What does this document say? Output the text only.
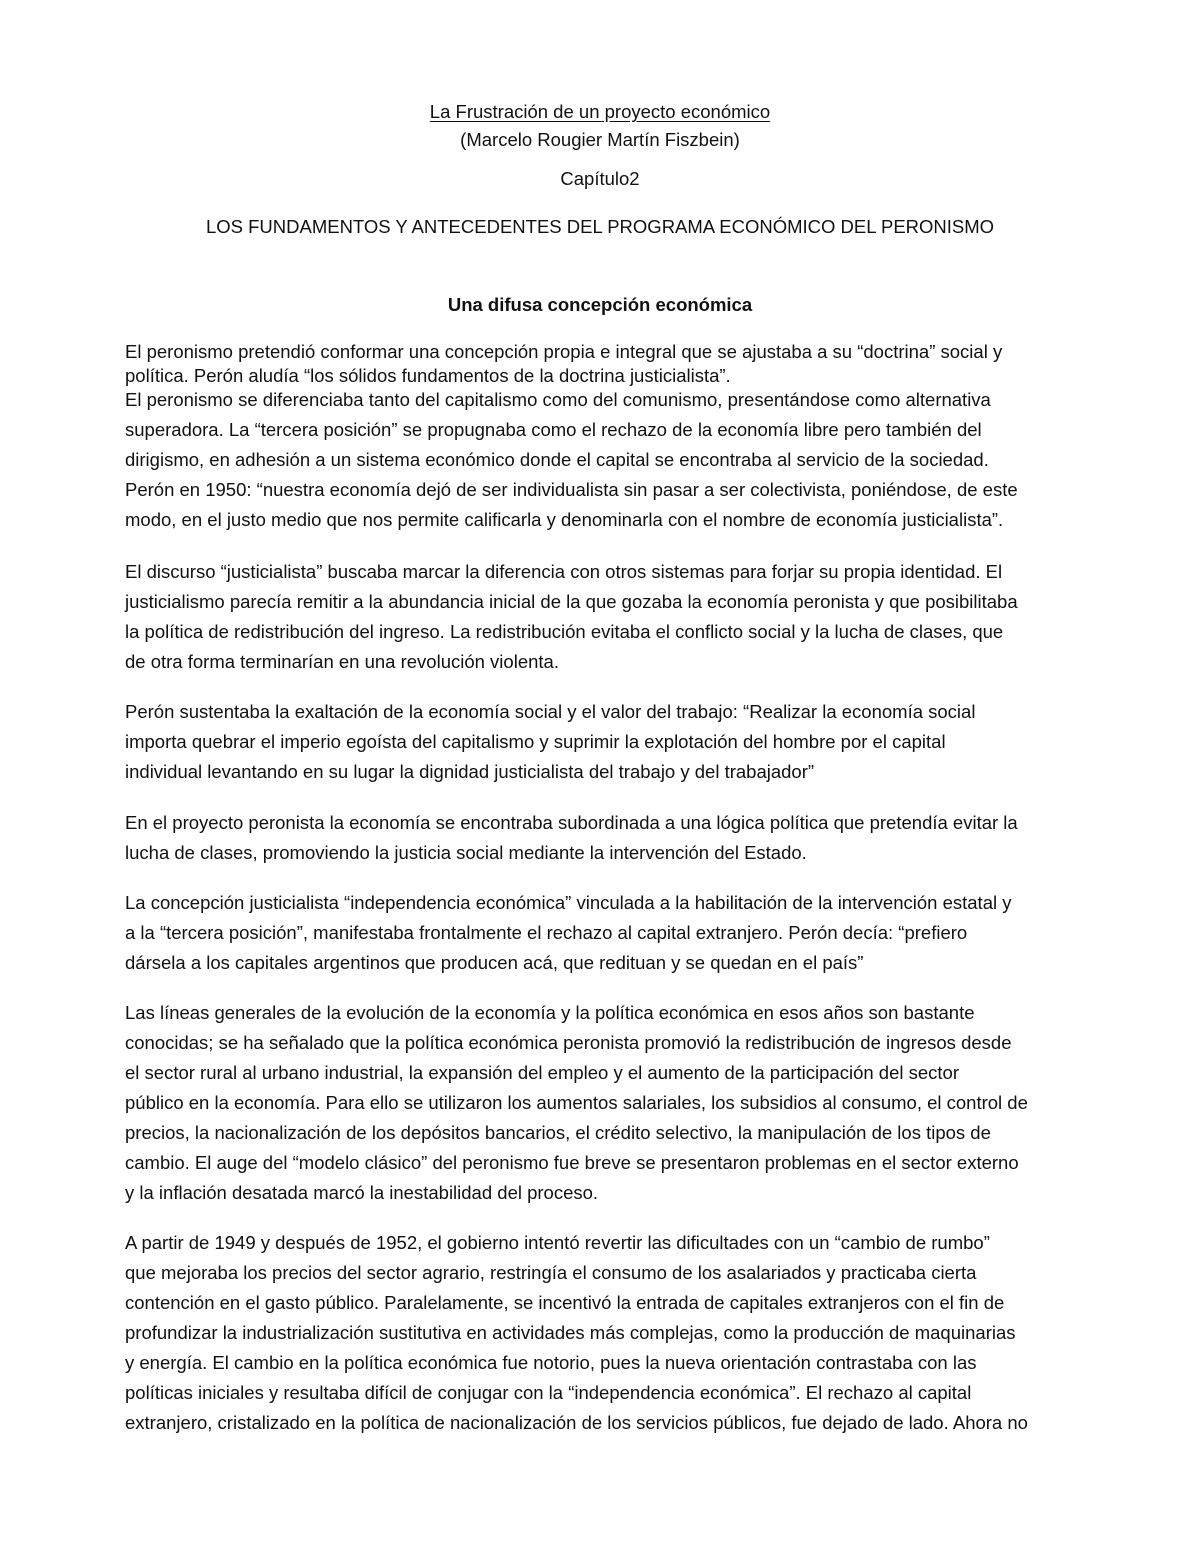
La Frustración de un proyecto económico
(Marcelo Rougier Martín Fiszbein)
Capítulo2
LOS FUNDAMENTOS Y ANTECEDENTES DEL PROGRAMA ECONÓMICO DEL PERONISMO
Una difusa concepción económica
El peronismo pretendió conformar una concepción propia e integral que se ajustaba a su “doctrina” social y
política. Perón aludía “los sólidos fundamentos de la doctrina justicialista”.
El peronismo se diferenciaba tanto del capitalismo como del comunismo, presentándose como alternativa
superadora. La “tercera posición” se propugnaba como el rechazo de la economía libre pero también del
dirigismo, en adhesión a un sistema económico donde el capital se encontraba al servicio de la sociedad.
Perón en 1950: “nuestra economía dejó de ser individualista sin pasar a ser colectivista, poniéndose, de este
modo, en el justo medio que nos permite calificarla y denominarla con el nombre de economía justicialista”.
El discurso “justicialista” buscaba marcar la diferencia con otros sistemas para forjar su propia identidad. El
justicialismo parecía remitir a la abundancia inicial de la que gozaba la economía peronista y que posibilitaba
la política de redistribución del ingreso. La redistribución evitaba el conflicto social y la lucha de clases, que
de otra forma terminarían en una revolución violenta.
Perón sustentaba la exaltación de la economía social y el valor del trabajo: “Realizar la economía social
importa quebrar el imperio egoísta del capitalismo y suprimir la explotación del hombre por el capital
individual levantando en su lugar la dignidad justicialista del trabajo y del trabajador”
En el proyecto peronista la economía se encontraba subordinada a una lógica política que pretendía evitar la
lucha de clases, promoviendo la justicia social mediante la intervención del Estado.
La concepción justicialista “independencia económica” vinculada a la habilitación de la intervención estatal y
a la “tercera posición”, manifestaba frontalmente el rechazo al capital extranjero. Perón decía: “prefiero
dársela a los capitales argentinos que producen acá, que redituan y se quedan en el país”
Las líneas generales de la evolución de la economía y la política económica en esos años son bastante
conocidas; se ha señalado que la política económica peronista promovió la redistribución de ingresos desde
el sector rural al urbano industrial, la expansión del empleo y el aumento de la participación del sector
público en la economía. Para ello se utilizaron los aumentos salariales, los subsidios al consumo, el control de
precios, la nacionalización de los depósitos bancarios, el crédito selectivo, la manipulación de los tipos de
cambio. El auge del “modelo clásico” del peronismo fue breve se presentaron problemas en el sector externo
y la inflación desatada marcó la inestabilidad del proceso.
A partir de 1949 y después de 1952, el gobierno intentó revertir las dificultades con un “cambio de rumbo”
que mejoraba los precios del sector agrario, restringía el consumo de los asalariados y practicaba cierta
contención en el gasto público. Paralelamente, se incentivó la entrada de capitales extranjeros con el fin de
profundizar la industrialización sustitutiva en actividades más complejas, como la producción de maquinarias
y energía. El cambio en la política económica fue notorio, pues la nueva orientación contrastaba con las
políticas iniciales y resultaba difícil de conjugar con la “independencia económica”. El rechazo al capital
extranjero, cristalizado en la política de nacionalización de los servicios públicos, fue dejado de lado. Ahora no
